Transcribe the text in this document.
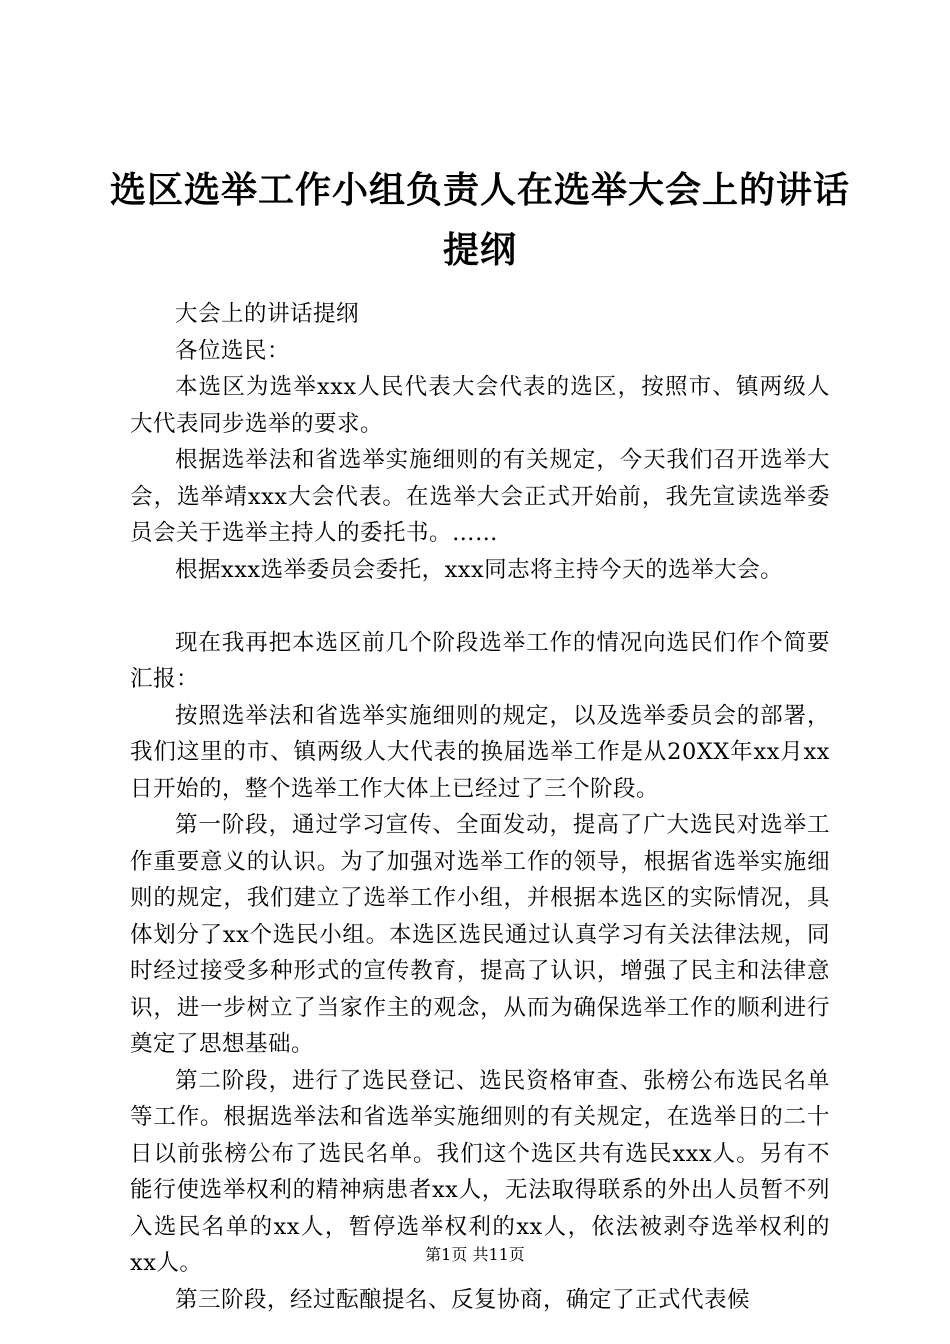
选区选举工作小组负责人在选举大会上的讲话
提纲

大会上的讲话提纲

各位选民：

本选区为选举xxx人民代表大会代表的选区，按照市、镇两级人大代表同步选举的要求。

根据选举法和省选举实施细则的有关规定，今天我们召开选举大会，选举靖xxx大会代表。在选举大会正式开始前，我先宣读选举委员会关于选举主持人的委托书。……

根据xxx选举委员会委托，xxx同志将主持今天的选举大会。

现在我再把本选区前几个阶段选举工作的情况向选民们作个简要汇报：

按照选举法和省选举实施细则的规定，以及选举委员会的部署，我们这里的市、镇两级人大代表的换届选举工作是从20XX年xx月xx日开始的，整个选举工作大体上已经过了三个阶段。

第一阶段，通过学习宣传、全面发动，提高了广大选民对选举工作重要意义的认识。为了加强对选举工作的领导，根据省选举实施细则的规定，我们建立了选举工作小组，并根据本选区的实际情况，具体划分了xx个选民小组。本选区选民通过认真学习有关法律法规，同时经过接受多种形式的宣传教育，提高了认识，增强了民主和法律意识，进一步树立了当家作主的观念，从而为确保选举工作的顺利进行奠定了思想基础。

第二阶段，进行了选民登记、选民资格审查、张榜公布选民名单等工作。根据选举法和省选举实施细则的有关规定，在选举日的二十日以前张榜公布了选民名单。我们这个选区共有选民xxx人。另有不能行使选举权利的精神病患者xx人，无法取得联系的外出人员暂不列入选民名单的xx人，暂停选举权利的xx人，依法被剥夺选举权利的xx人。

第三阶段，经过酝酿提名、反复协商，确定了正式代表候

第1页 共11页
